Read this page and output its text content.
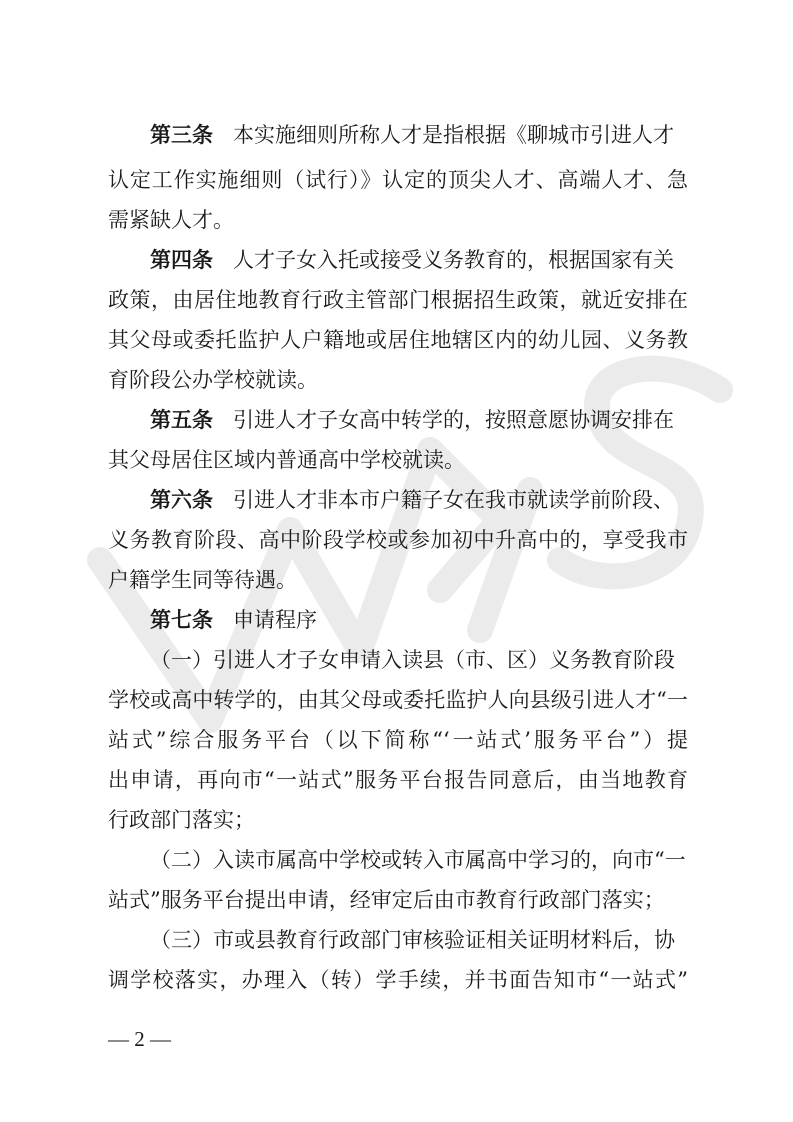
第三条 本实施细则所称人才是指根据《聊城市引进人才
认定工作实施细则（试行）》认定的顶尖人才、高端人才、急
需紧缺人才。
第四条 人才子女入托或接受义务教育的，根据国家有关
政策，由居住地教育行政主管部门根据招生政策，就近安排在
其父母或委托监护人户籍地或居住地辖区内的幼儿园、义务教
育阶段公办学校就读。
第五条 引进人才子女高中转学的，按照意愿协调安排在
其父母居住区域内普通高中学校就读。
第六条 引进人才非本市户籍子女在我市就读学前阶段、
义务教育阶段、高中阶段学校或参加初中升高中的，享受我市
户籍学生同等待遇。
第七条 申请程序
（一）引进人才子女申请入读县（市、区）义务教育阶段
学校或高中转学的，由其父母或委托监护人向县级引进人才“一
站式”综合服务平台（以下简称“‘一站式’服务平台”）提
出申请，再向市“一站式”服务平台报告同意后，由当地教育
行政部门落实；
（二）入读市属高中学校或转入市属高中学习的，向市“一
站式”服务平台提出申请，经审定后由市教育行政部门落实；
（三）市或县教育行政部门审核验证相关证明材料后，协
调学校落实，办理入（转）学手续，并书面告知市“一站式”
— 2 —
